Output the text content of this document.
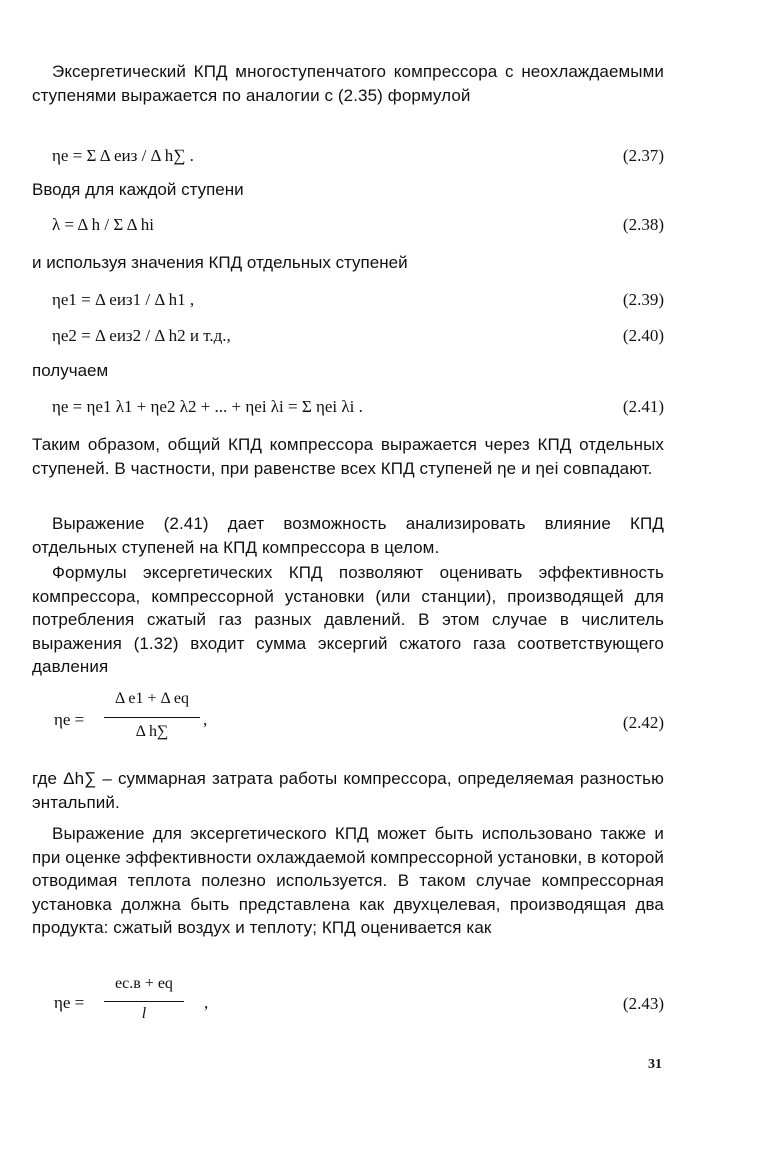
Эксергетический КПД многоступенчатого компрессора с неохлаждаемыми ступенями выражается по аналогии с (2.35) формулой
ηe = Σ Δ eиз / Δ h∑ .	(2.37)
Вводя для каждой ступени
λ = Δ h / Σ Δ hi	(2.38)
и используя значения КПД отдельных ступеней
ηe1 = Δ eиз1 / Δ h1 ,	(2.39)
ηe2 = Δ eиз2 / Δ h2 и т.д.,	(2.40)
получаем
ηe = ηe1 λ1 + ηe2 λ2 + ... + ηei λi = Σ ηei λi .	(2.41)
Таким образом, общий КПД компрессора выражается через КПД отдельных ступеней. В частности, при равенстве всех КПД ступеней ηe и ηei совпадают.
Выражение (2.41) дает возможность анализировать влияние КПД отдельных ступеней на КПД компрессора в целом.
Формулы эксергетических КПД позволяют оценивать эффективность компрессора, компрессорной установки (или станции), производящей для потребления сжатый газ разных давлений. В этом случае в числитель выражения (1.32) входит сумма эксергий сжатого газа соответствующего давления
ηe =
Δ e1 + Δ eq
Δ h∑
,	(2.42)
где Δh∑ – суммарная затрата работы компрессора, определяемая разностью энтальпий.
Выражение для эксергетического КПД может быть использовано также и при оценке эффективности охлаждаемой компрессорной установки, в которой отводимая теплота полезно используется. В таком случае компрессорная установка должна быть представлена как двухцелевая, производящая два продукта: сжатый воздух и теплоту; КПД оценивается как
ηe =
eс.в + eq
l
,	(2.43)
31
